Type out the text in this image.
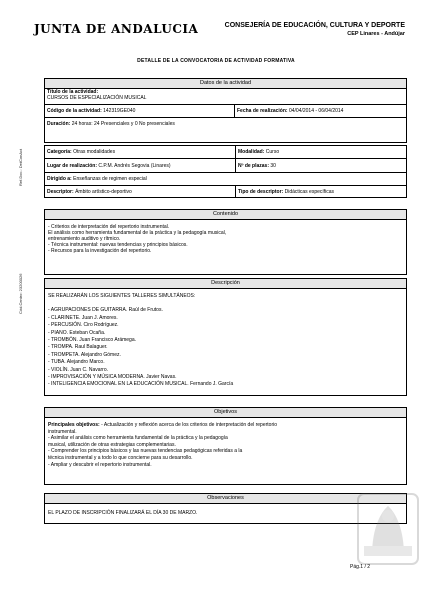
JUNTA DE ANDALUCIA	CONSEJERÍA DE EDUCACIÓN, CULTURA Y DEPORTE
CEP Linares - Andújar
DETALLE DE LA CONVOCATORIA DE ACTIVIDAD FORMATIVA
Ref.Doc.: DetConAct
Cód.Centro: 23200026
Datos de la actividad
Título de la actividad:
CURSOS DE ESPECIALIZACIÓN MUSICAL
Código de la actividad: 142319GE040	Fecha de realización: 04/04/2014 - 06/04/2014
Duración: 24 horas: 24 Presenciales y 0 No presenciales
Categoría: Otras modalidades	Modalidad: Curso
Lugar de realización: C.P.M. Andrés Segovia (Linares)	Nº de plazas: 30
Dirigido a: Enseñanzas de regimen especial
Descriptor: Ámbito artístico-deportivo	Tipo de descriptor: Didácticas específicas
Contenido
- Criterios de interpretación del repertorio instrumental.
El análisis como herramienta fundamental de la práctica y la pedagogía musical,
entrenamiento auditivo y rítmico.
- Técnica instrumental: nuevas tendencias y principios básicos.
- Recursos para la investigación del repertorio.
Descripción
SE REALIZARÁN LOS SIGUIENTES TALLERES SIMULTÁNEOS:
- AGRUPACIONES DE GUITARRA. Raúl de Frutos.
- CLARINETE. Juan J. Amores.
- PERCUSIÓN. Ciro Rodríguez.
- PIANO. Esteban Ocaña.
- TROMBÓN. Juan Francisco Arámega.
- TROMPA. Raul Balaguer.
- TROMPETA. Alejandro Gómez.
- TUBA. Alejandro Marco.
- VIOLÍN. Juan C. Navarro.
- IMPROVISACIÓN Y MÚSICA MODERNA. Javier Navas.
- INTELIGENCIA EMOCIONAL EN LA EDUCACIÓN MUSICAL. Fernando J. García
Objetivos
Principales objetivos: - Actualización y reflexión acerca de los criterios de interpretación del repertorio
instrumental.
- Asimilar el análisis como herramienta fundamental de la práctica y la pedagogía
musical, utilización de otras estrategias complementarias.
- Comprender los principios básicos y las nuevas tendencias pedagógicas referidas a la
técnica instrumental y a todo lo que concierne para su desarrollo.
- Ampliar y descubrir el repertorio instrumental.
Observaciones
EL PLAZO DE INSCRIPCIÓN FINALIZARÁ EL DÍA 30 DE MARZO.
Pág.1 / 2
